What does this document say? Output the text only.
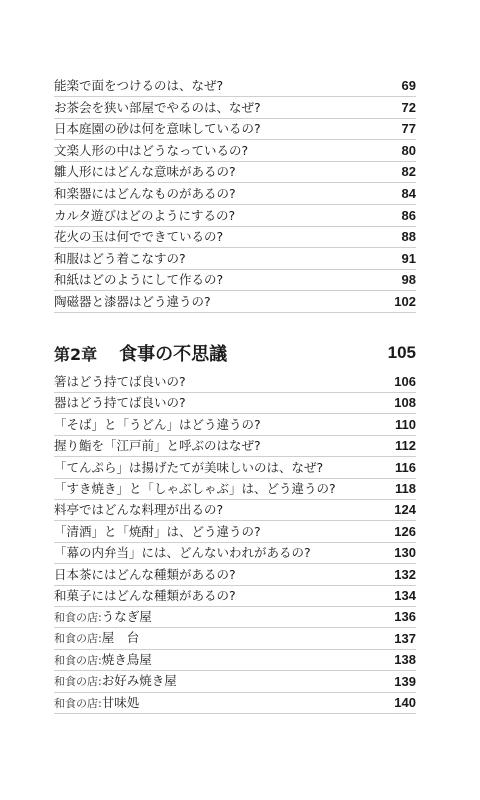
能楽で面をつけるのは、なぜ?	69
お茶会を狭い部屋でやるのは、なぜ?	72
日本庭園の砂は何を意味しているの?	77
文楽人形の中はどうなっているの?	80
雛人形にはどんな意味があるの?	82
和楽器にはどんなものがあるの?	84
カルタ遊びはどのようにするの?	86
花火の玉は何でできているの?	88
和服はどう着こなすの?	91
和紙はどのようにして作るの?	98
陶磁器と漆器はどう違うの?	102
第2章 食事の不思議	105
箸はどう持てば良いの?	106
器はどう持てば良いの?	108
「そば」と「うどん」はどう違うの?	110
握り鮨を「江戸前」と呼ぶのはなぜ?	112
「てんぷら」は揚げたてが美味しいのは、なぜ?	116
「すき焼き」と「しゃぶしゃぶ」は、どう違うの?	118
料亭ではどんな料理が出るの?	124
「清酒」と「焼酎」は、どう違うの?	126
「幕の内弁当」には、どんないわれがあるの?	130
日本茶にはどんな種類があるの?	132
和菓子にはどんな種類があるの?	134
和食の店:うなぎ屋	136
和食の店:屋　台	137
和食の店:焼き鳥屋	138
和食の店:お好み焼き屋	139
和食の店:甘味処	140
